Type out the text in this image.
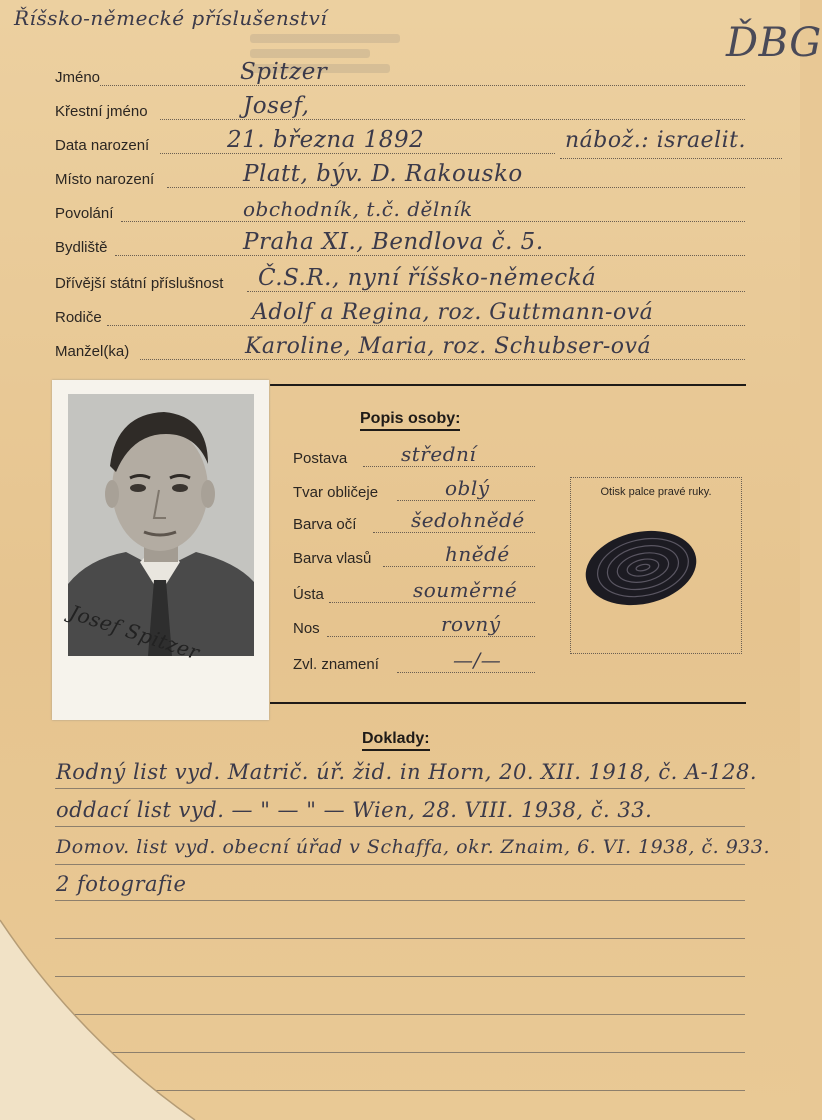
Říšsko-německé příslušenství
ĎBG
Jméno	Spitzer
Křestní jméno	Josef,
Data narození	21. března 1892	nábož.: israelit.
Místo narození	Platt, býv. D. Rakousko
Povolání	obchodník, t.č. dělník
Bydliště	Praha XI., Bendlova č. 5.
Dřívější státní příslušnost Č.S.R., nyní říšsko-německá
Rodiče	Adolf a Regina, roz. Guttmann-ová
Manžel(ka)	Karoline, Maria, roz. Schubser-ová
Josef Spitzer
Popis osoby:
Postava	střední
Tvar obličeje	oblý
Barva očí	šedohnědé
Barva vlasů	hnědé
Ústa	souměrné
Nos	rovný
Zvl. znamení	—/—
Otisk palce pravé ruky.
Doklady:
Rodný list vyd. Matrič. úř. žid. in Horn, 20. XII. 1918, č. A-128.
oddací list vyd. — " — " — Wien, 28. VIII. 1938, č. 33.
Domov. list vyd. obecní úřad v Schaffa, okr. Znaim, 6. VI. 1938, č. 933.
2 fotografie
